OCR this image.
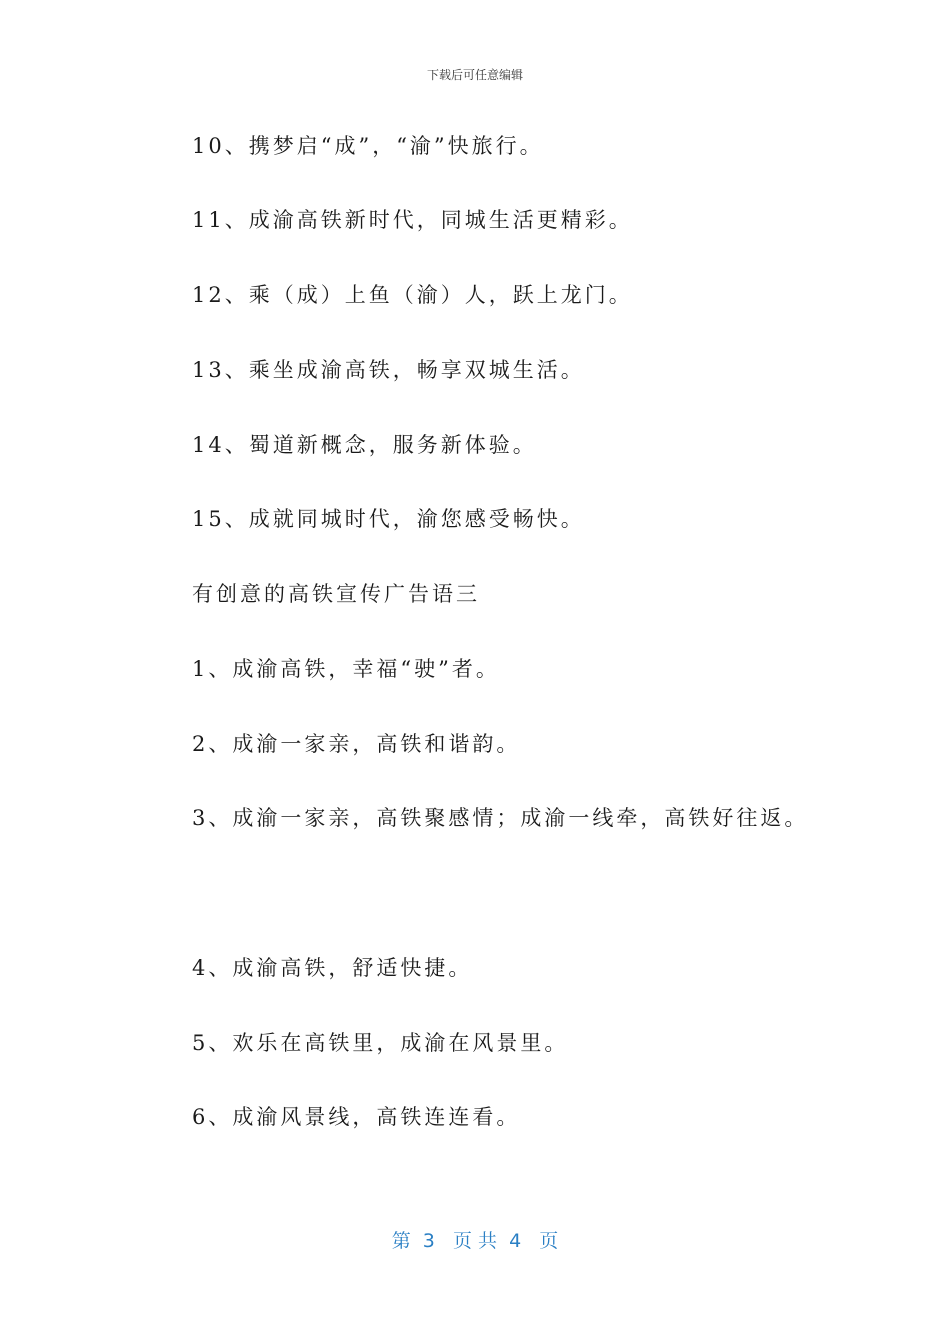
下载后可任意编辑
10、携梦启“成”，“渝”快旅行。
11、成渝高铁新时代，同城生活更精彩。
12、乘（成）上鱼（渝）人，跃上龙门。
13、乘坐成渝高铁，畅享双城生活。
14、蜀道新概念，服务新体验。
15、成就同城时代，渝您感受畅快。
有创意的高铁宣传广告语三
1、成渝高铁，幸福“驶”者。
2、成渝一家亲，高铁和谐韵。
3、成渝一家亲，高铁聚感情；成渝一线牵，高铁好往返。
4、成渝高铁，舒适快捷。
5、欢乐在高铁里，成渝在风景里。
6、成渝风景线，高铁连连看。
第  3   页 共  4   页
